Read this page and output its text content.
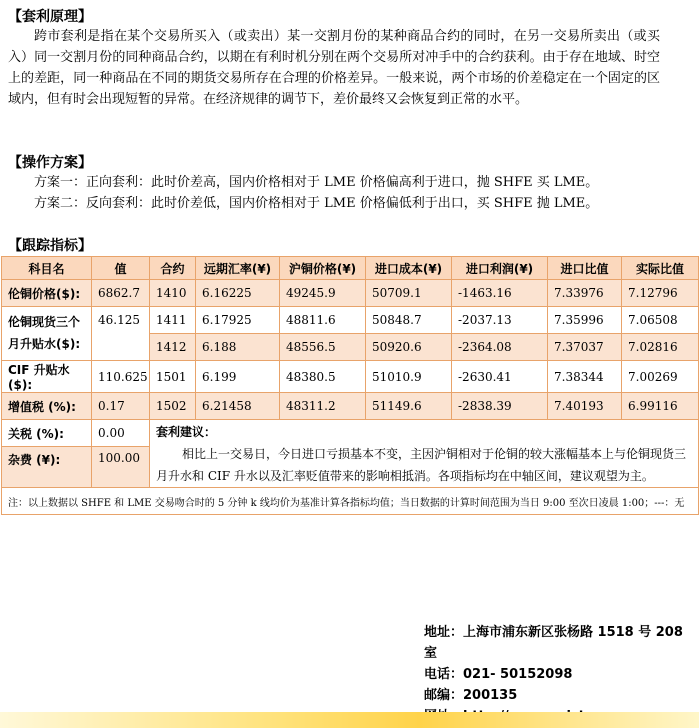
【套利原理】
跨市套利是指在某个交易所买入（或卖出）某一交割月份的某种商品合约的同时，在另一交易所卖出（或买入）同一交割月份的同种商品合约，以期在有利时机分别在两个交易所对冲手中的合约获利。由于存在地域、时空上的差距，同一种商品在不同的期货交易所存在合理的价格差异。一般来说，两个市场的价差稳定在一个固定的区域内，但有时会出现短暂的异常。在经济规律的调节下，差价最终又会恢复到正常的水平。
【操作方案】
方案一：正向套利：此时价差高，国内价格相对于 LME 价格偏高利于进口，抛 SHFE 买 LME。
方案二：反向套利：此时价差低，国内价格相对于 LME 价格偏低利于出口，买 SHFE 抛 LME。
【跟踪指标】
科目名	值	合约	远期汇率(¥)	沪铜价格(¥)	进口成本(¥)	进口利润(¥)	进口比值	实际比值
伦铜价格($):	6862.7	1410	6.16225	49245.9	50709.1	-1463.16	7.33976	7.12796
伦铜现货三个月升贴水($):	46.125	1411	6.17925	48811.6	50848.7	-2037.13	7.35996	7.06508
		1412	6.188	48556.5	50920.6	-2364.08	7.37037	7.02816
CIF 升贴水($):	110.625	1501	6.199	48380.5	51010.9	-2630.41	7.38344	7.00269
增值税 (%):	0.17	1502	6.21458	48311.2	51149.6	-2838.39	7.40193	6.99116
关税 (%):	0.00	套利建议：
相比上一交易日，今日进口亏损基本不变，主因沪铜相对于伦铜的较大涨幅基本上与伦铜现货三月升水和 CIF 升水以及汇率贬值带来的影响相抵消。各项指标均在中轴区间，建议观望为主。						

杂费 (¥):	100.00							
注：以上数据以 SHFE 和 LME 交易吻合时的 5 分钟 k 线均价为基准计算各指标均值；当日数据的计算时间范围为当日 9:00 至次日凌晨 1:00；---：无								
地址：上海市浦东新区张杨路 1518 号 208 室
电话：021- 50152098
邮编：200135
